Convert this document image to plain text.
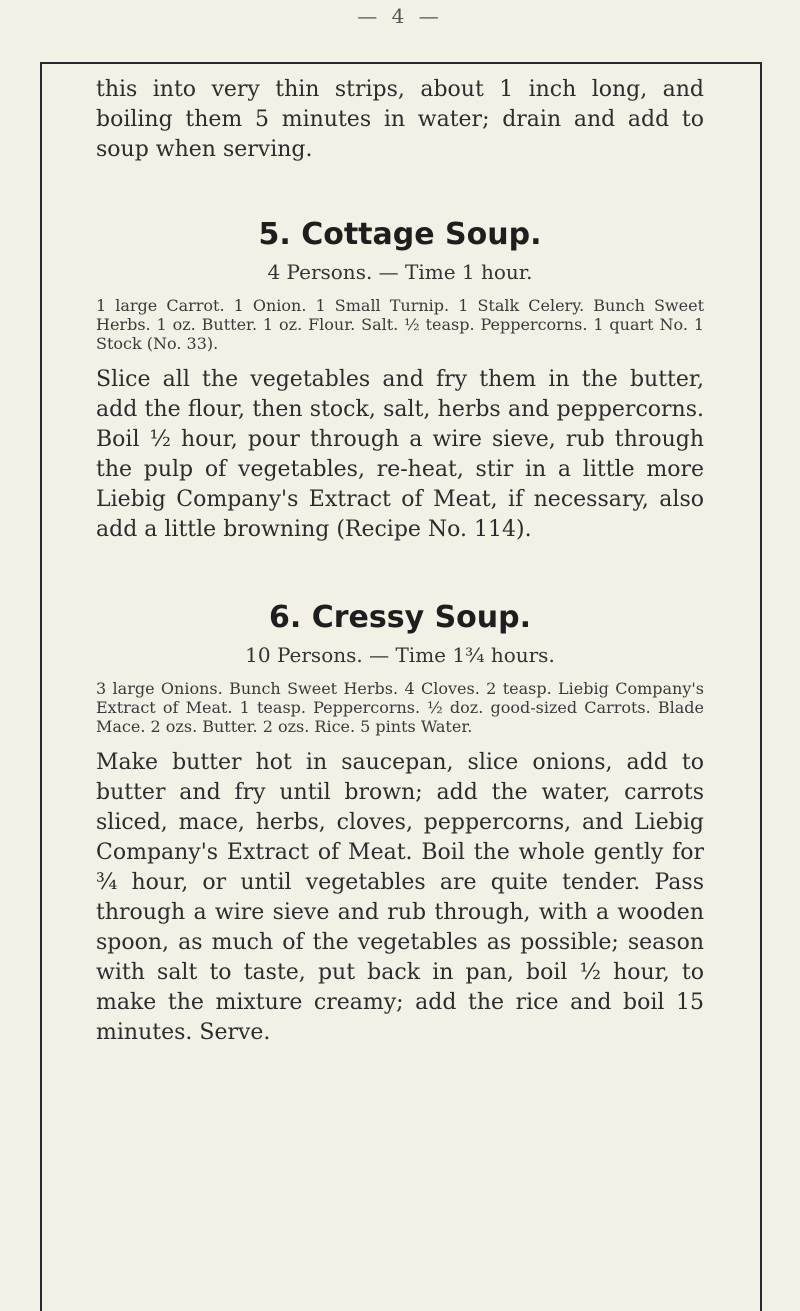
— 4 —

this into very thin strips, about 1 inch long, and boiling them 5 minutes in water; drain and add to soup when serving.

5. Cottage Soup.

4 Persons. — Time 1 hour.

1 large Carrot. 1 Onion. 1 Small Turnip. 1 Stalk Celery. Bunch Sweet Herbs. 1 oz. Butter. 1 oz. Flour. Salt. ½ teasp. Peppercorns. 1 quart No. 1 Stock (No. 33).

Slice all the vegetables and fry them in the butter, add the flour, then stock, salt, herbs and peppercorns. Boil ½ hour, pour through a wire sieve, rub through the pulp of vegetables, re-heat, stir in a little more Liebig Company's Extract of Meat, if necessary, also add a little browning (Recipe No. 114).

6. Cressy Soup.

10 Persons. — Time 1¾ hours.

3 large Onions. Bunch Sweet Herbs. 4 Cloves. 2 teasp. Liebig Company's Extract of Meat. 1 teasp. Peppercorns. ½ doz. good-sized Carrots. Blade Mace. 2 ozs. Butter. 2 ozs. Rice. 5 pints Water.

Make butter hot in saucepan, slice onions, add to butter and fry until brown; add the water, carrots sliced, mace, herbs, cloves, peppercorns, and Liebig Company's Extract of Meat. Boil the whole gently for ¾ hour, or until vegetables are quite tender. Pass through a wire sieve and rub through, with a wooden spoon, as much of the vegetables as possible; season with salt to taste, put back in pan, boil ½ hour, to make the mixture creamy; add the rice and boil 15 minutes. Serve.
